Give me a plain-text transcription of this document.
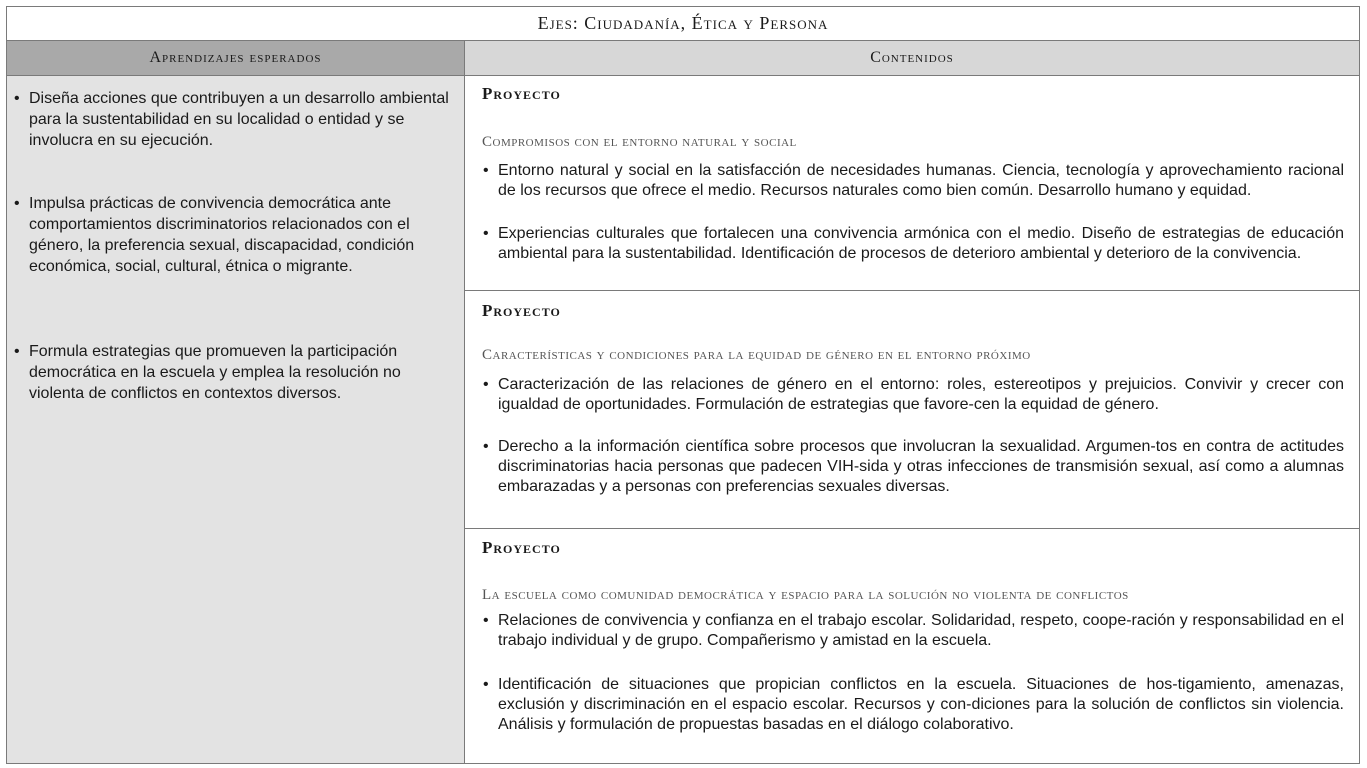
Ejes: Ciudadanía, Ética y Persona
Aprendizajes esperados	Contenidos
• Diseña acciones que contribuyen a un desarrollo ambiental para la sustentabilidad en su localidad o entidad y se involucra en su ejecución.
• Impulsa prácticas de convivencia democrática ante comportamientos discriminatorios relacionados con el género, la preferencia sexual, discapacidad, condición económica, social, cultural, étnica o migrante.
• Formula estrategias que promueven la participación democrática en la escuela y emplea la resolución no violenta de conflictos en contextos diversos.
Proyecto
Compromisos con el entorno natural y social
• Entorno natural y social en la satisfacción de necesidades humanas. Ciencia, tecnología y aprovechamiento racional de los recursos que ofrece el medio. Recursos naturales como bien común. Desarrollo humano y equidad.
• Experiencias culturales que fortalecen una convivencia armónica con el medio. Diseño de estrategias de educación ambiental para la sustentabilidad. Identificación de procesos de deterioro ambiental y deterioro de la convivencia.
Proyecto
Características y condiciones para la equidad de género en el entorno próximo
• Caracterización de las relaciones de género en el entorno: roles, estereotipos y prejuicios. Convivir y crecer con igualdad de oportunidades. Formulación de estrategias que favore-cen la equidad de género.
• Derecho a la información científica sobre procesos que involucran la sexualidad. Argumen-tos en contra de actitudes discriminatorias hacia personas que padecen VIH-sida y otras infecciones de transmisión sexual, así como a alumnas embarazadas y a personas con preferencias sexuales diversas.
Proyecto
La escuela como comunidad democrática y espacio para la solución no violenta de conflictos
• Relaciones de convivencia y confianza en el trabajo escolar. Solidaridad, respeto, coope-ración y responsabilidad en el trabajo individual y de grupo. Compañerismo y amistad en la escuela.
• Identificación de situaciones que propician conflictos en la escuela. Situaciones de hos-tigamiento, amenazas, exclusión y discriminación en el espacio escolar. Recursos y con-diciones para la solución de conflictos sin violencia. Análisis y formulación de propuestas basadas en el diálogo colaborativo.
